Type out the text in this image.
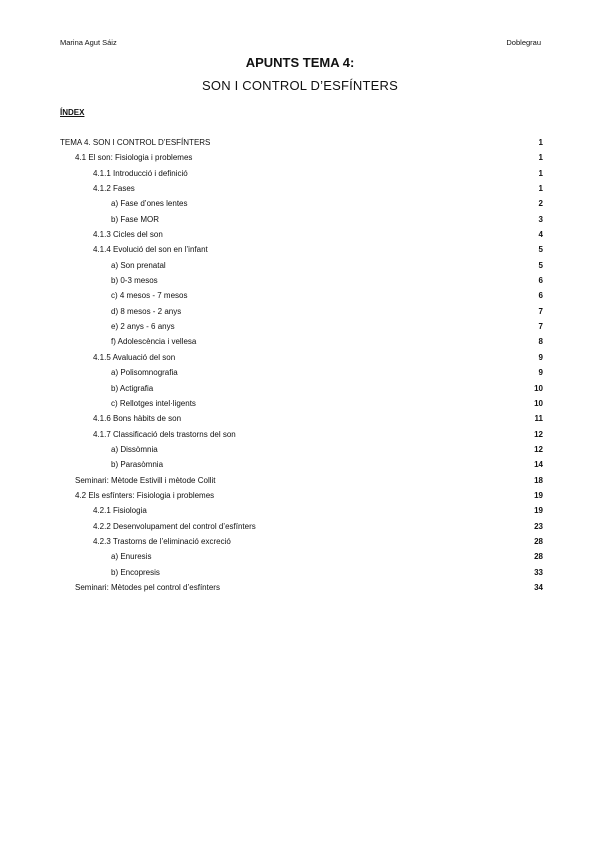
Marina Agut Sáiz	Doblegrau
APUNTS TEMA 4:
SON I CONTROL D’ESFÍNTERS
ÍNDEX
TEMA 4. SON I CONTROL D’ESFÍNTERS	1
4.1 El son: Fisiologia i problemes	1
4.1.1 Introducció i definició	1
4.1.2 Fases	1
a) Fase d’ones lentes	2
b) Fase MOR	3
4.1.3 Cicles del son	4
4.1.4 Evolució del son en l’infant	5
a) Son prenatal	5
b) 0-3 mesos	6
c) 4 mesos - 7 mesos	6
d) 8 mesos - 2 anys	7
e) 2 anys - 6 anys	7
f) Adolescència i vellesa	8
4.1.5 Avaluació del son	9
a) Polisomnografia	9
b) Actigrafia	10
c) Rellotges intel·ligents	10
4.1.6 Bons hàbits de son	11
4.1.7 Classificació dels trastorns del son	12
a) Dissòmnia	12
b) Parasòmnia	14
Seminari: Mètode Estivill i mètode Collit	18
4.2 Els esfínters: Fisiologia i problemes	19
4.2.1 Fisiologia	19
4.2.2 Desenvolupament del control d’esfínters	23
4.2.3 Trastorns de l’eliminació excreció	28
a) Enuresis	28
b) Encopresis	33
Seminari: Mètodes pel control d’esfínters	34
